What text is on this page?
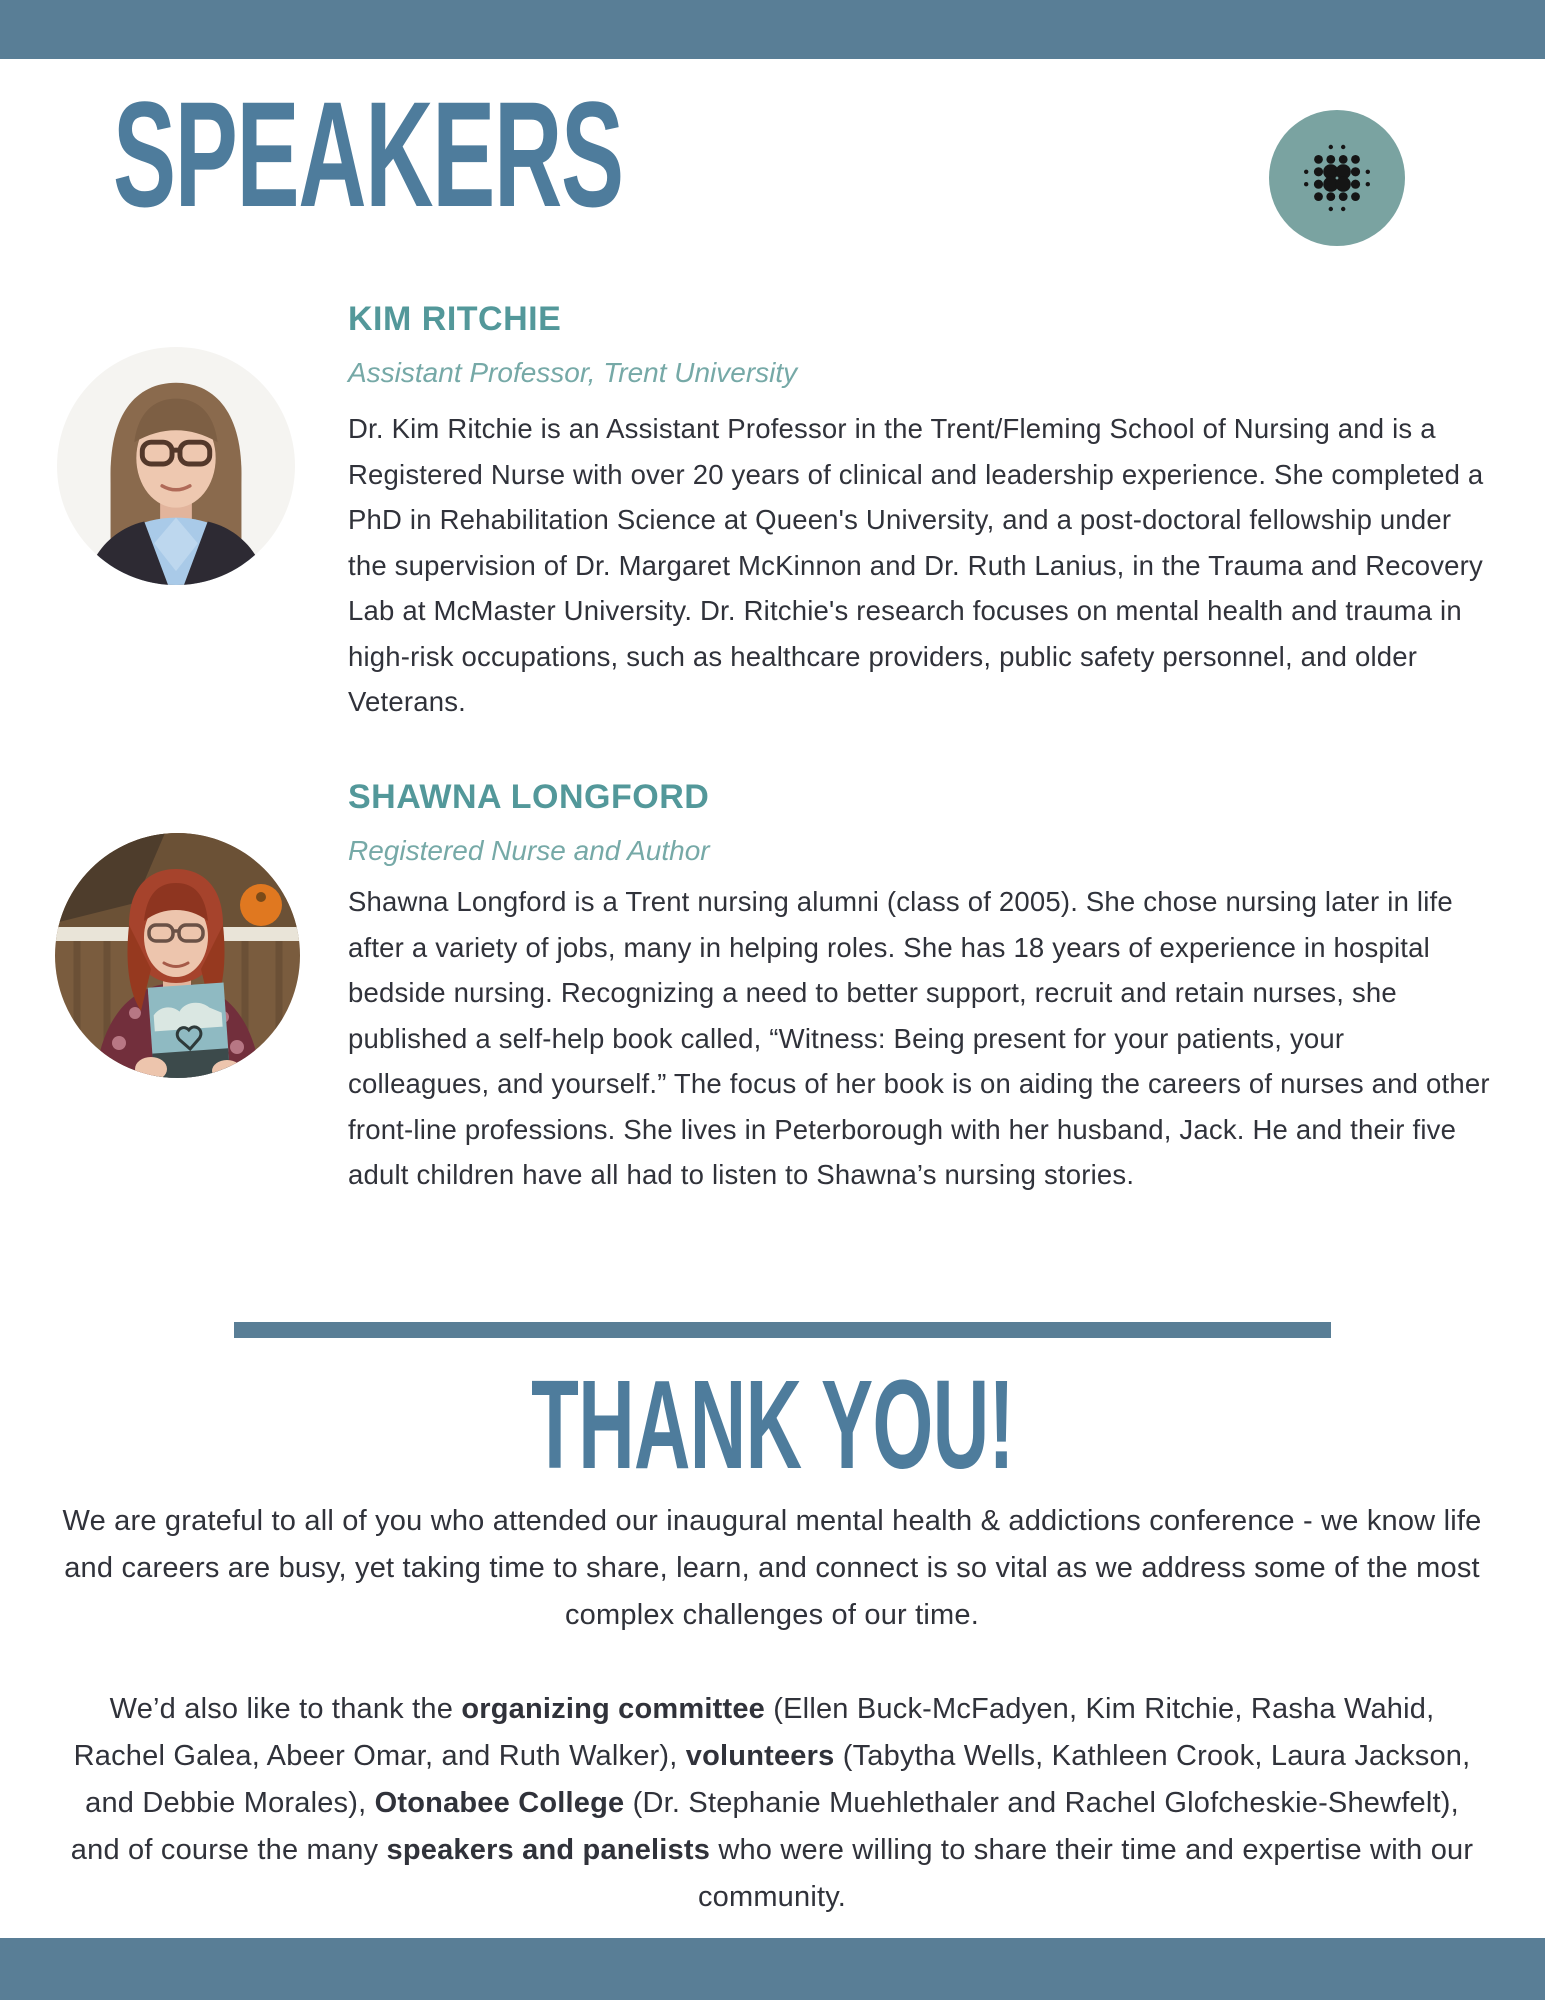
SPEAKERS
KIM RITCHIE

Assistant Professor, Trent University

Dr. Kim Ritchie is an Assistant Professor in the Trent/Fleming School of Nursing and is a Registered Nurse with over 20 years of clinical and leadership experience. She completed a PhD in Rehabilitation Science at Queen's University, and a post-doctoral fellowship under the supervision of Dr. Margaret McKinnon and Dr. Ruth Lanius, in the Trauma and Recovery Lab at McMaster University. Dr. Ritchie's research focuses on mental health and trauma in high-risk occupations, such as healthcare providers, public safety personnel, and older Veterans.

SHAWNA LONGFORD

Registered Nurse and Author

Shawna Longford is a Trent nursing alumni (class of 2005). She chose nursing later in life after a variety of jobs, many in helping roles. She has 18 years of experience in hospital bedside nursing. Recognizing a need to better support, recruit and retain nurses, she published a self-help book called, “Witness: Being present for your patients, your colleagues, and yourself.” The focus of her book is on aiding the careers of nurses and other front-line professions. She lives in Peterborough with her husband, Jack. He and their five adult children have all had to listen to Shawna’s nursing stories.

THANK YOU!

We are grateful to all of you who attended our inaugural mental health & addictions conference - we know life and careers are busy, yet taking time to share, learn, and connect is so vital as we address some of the most complex challenges of our time.

We’d also like to thank the organizing committee (Ellen Buck-McFadyen, Kim Ritchie, Rasha Wahid, Rachel Galea, Abeer Omar, and Ruth Walker), volunteers (Tabytha Wells, Kathleen Crook, Laura Jackson, and Debbie Morales), Otonabee College (Dr. Stephanie Muehlethaler and Rachel Glofcheskie-Shewfelt), and of course the many speakers and panelists who were willing to share their time and expertise with our community.
